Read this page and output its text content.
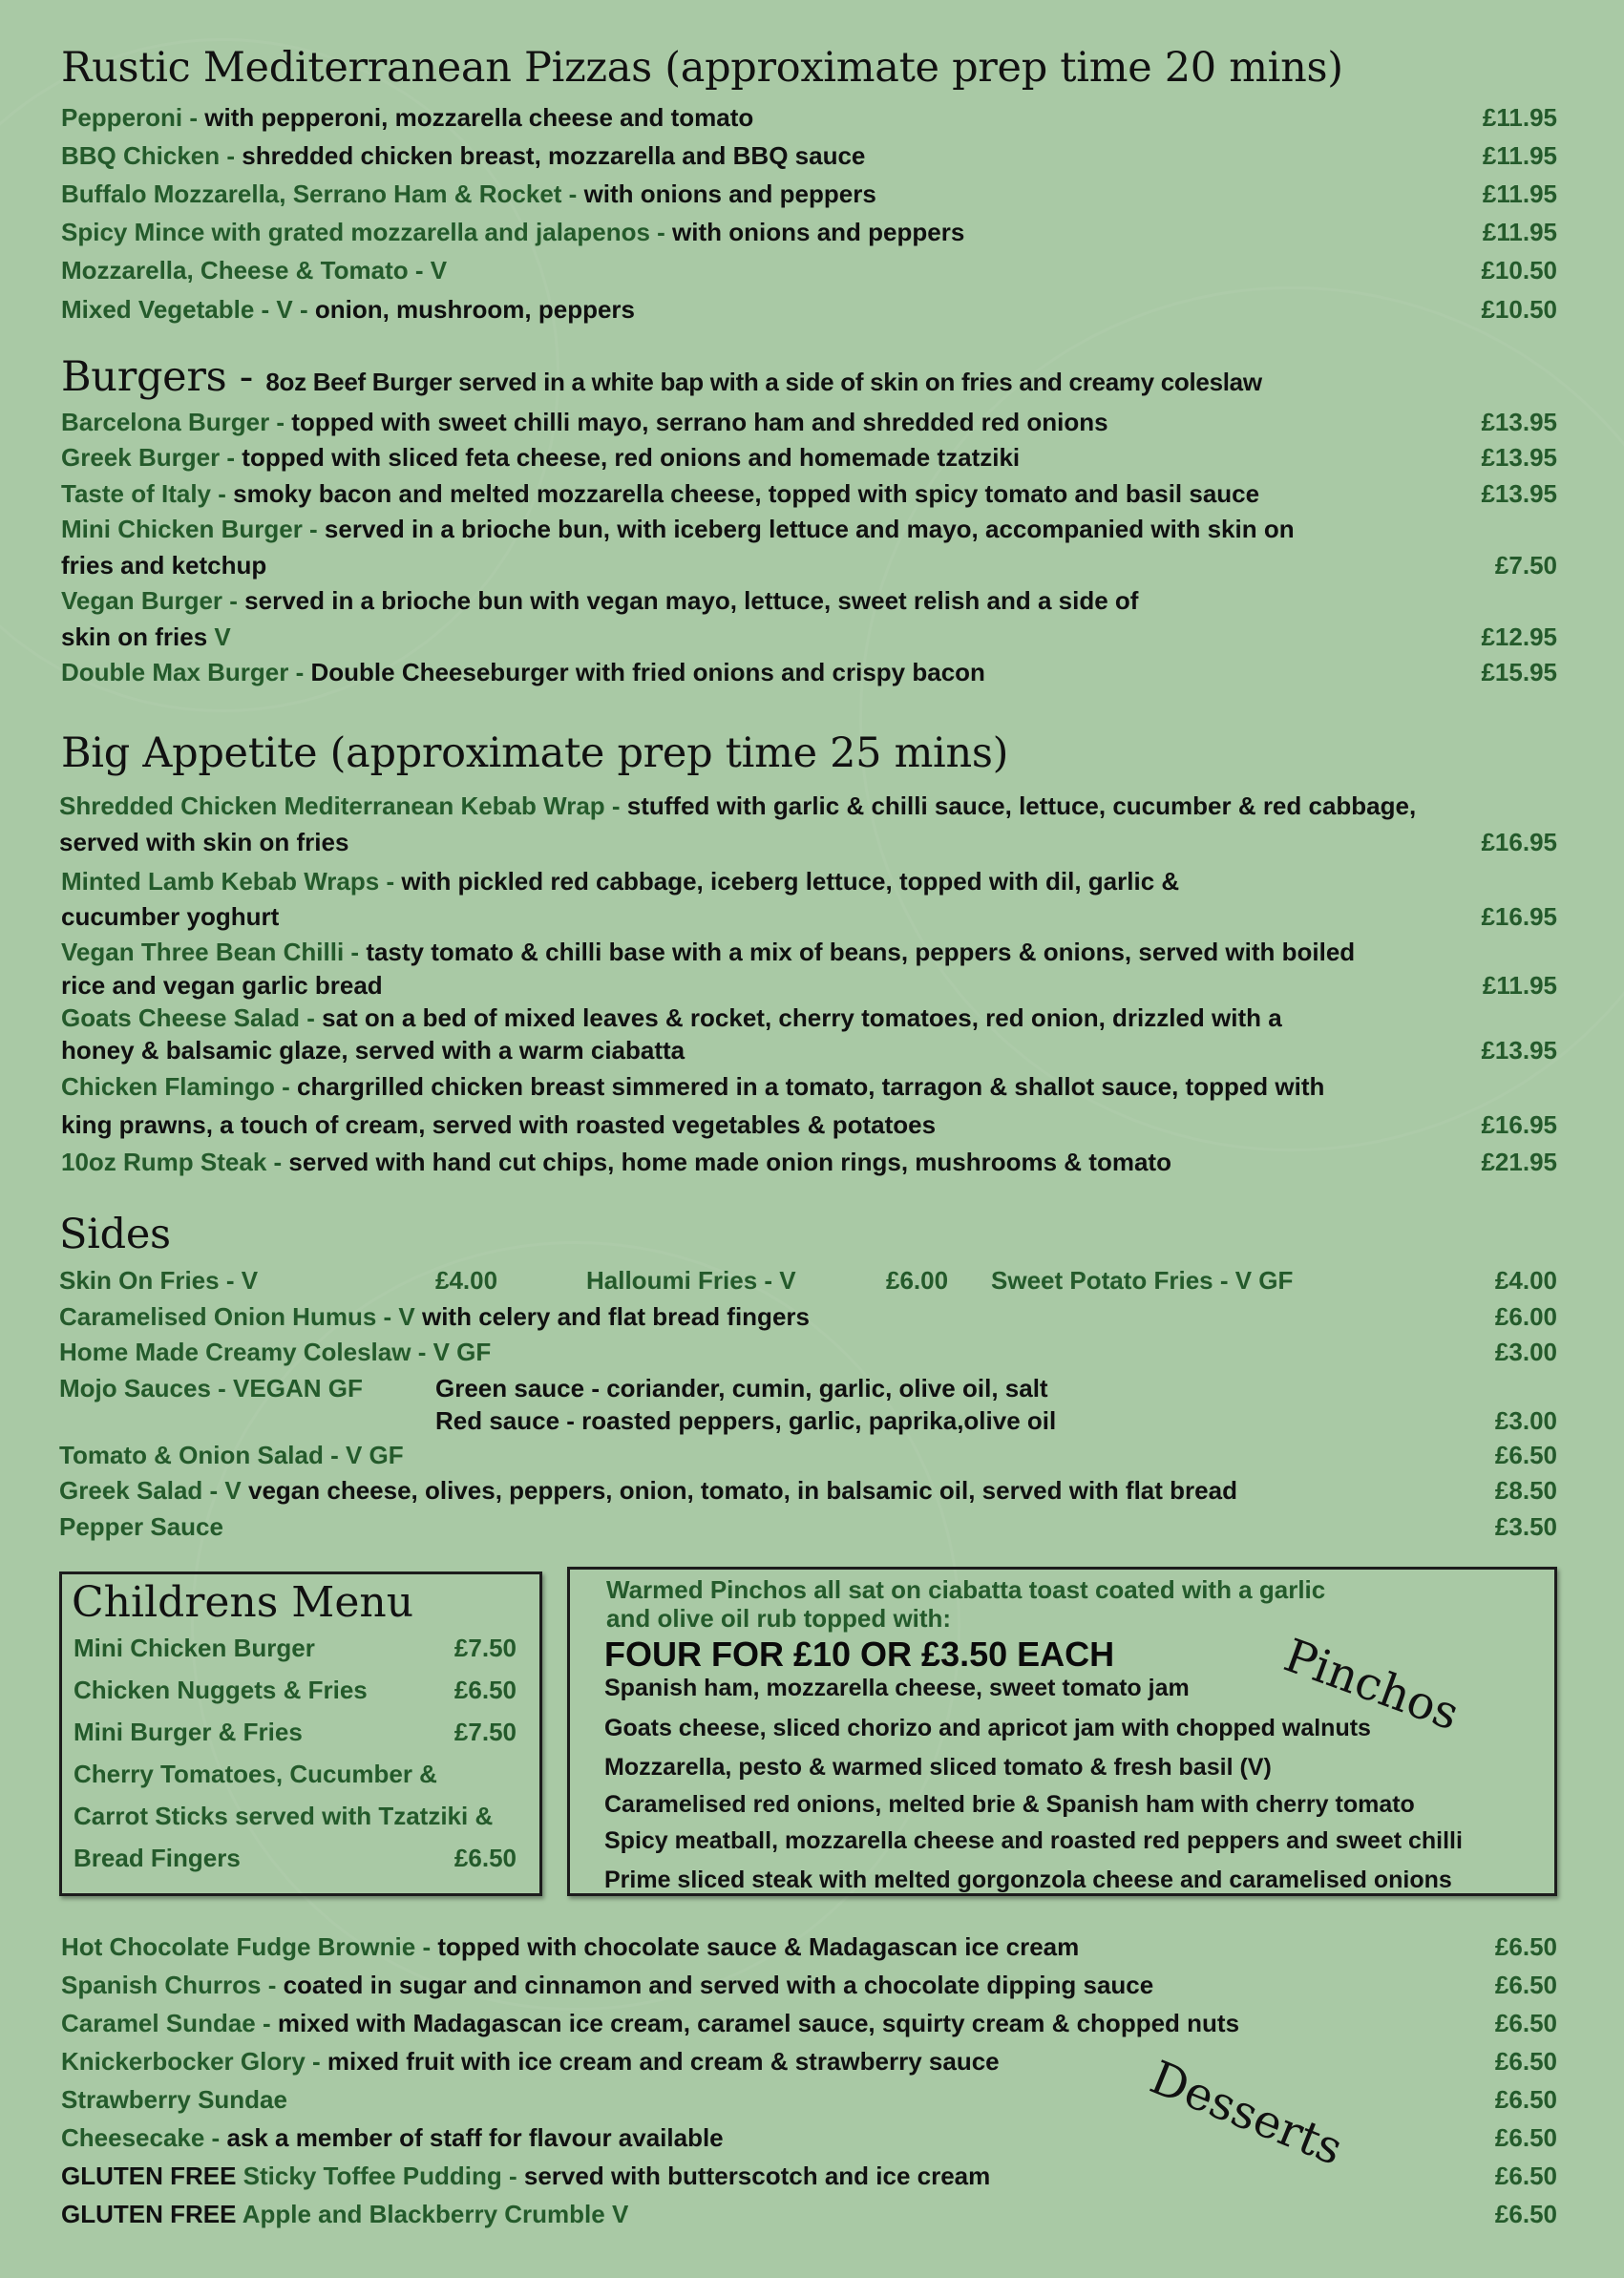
Rustic Mediterranean Pizzas (approximate prep time 20 mins)
Pepperoni - with pepperoni, mozzarella cheese and tomato	£11.95
BBQ Chicken - shredded chicken breast, mozzarella and BBQ sauce	£11.95
Buffalo Mozzarella, Serrano Ham & Rocket - with onions and peppers	£11.95
Spicy Mince with grated mozzarella and jalapenos - with onions and peppers	£11.95
Mozzarella, Cheese & Tomato - V	£10.50
Mixed Vegetable - V - onion, mushroom, peppers	£10.50
Burgers - 8oz Beef Burger served in a white bap with a side of skin on fries and creamy coleslaw
Barcelona Burger - topped with sweet chilli mayo, serrano ham and shredded red onions	£13.95
Greek Burger - topped with sliced feta cheese, red onions and homemade tzatziki	£13.95
Taste of Italy - smoky bacon and melted mozzarella cheese, topped with spicy tomato and basil sauce	£13.95
Mini Chicken Burger - served in a brioche bun, with iceberg lettuce and mayo, accompanied with skin on
fries and ketchup	£7.50
Vegan Burger - served in a brioche bun with vegan mayo, lettuce, sweet relish and a side of
skin on fries V	£12.95
Double Max Burger - Double Cheeseburger with fried onions and crispy bacon	£15.95
Big Appetite (approximate prep time 25 mins)
Shredded Chicken Mediterranean Kebab Wrap - stuffed with garlic & chilli sauce, lettuce, cucumber & red cabbage,
served with skin on fries	£16.95
Minted Lamb Kebab Wraps - with pickled red cabbage, iceberg lettuce, topped with dil, garlic &
cucumber yoghurt	£16.95
Vegan Three Bean Chilli - tasty tomato & chilli base with a mix of beans, peppers & onions, served with boiled
rice and vegan garlic bread	£11.95
Goats Cheese Salad - sat on a bed of mixed leaves & rocket, cherry tomatoes, red onion, drizzled with a
honey & balsamic glaze, served with a warm ciabatta	£13.95
Chicken Flamingo - chargrilled chicken breast simmered in a tomato, tarragon & shallot sauce, topped with
king prawns, a touch of cream, served with roasted vegetables & potatoes	£16.95
10oz Rump Steak - served with hand cut chips, home made onion rings, mushrooms & tomato	£21.95
Sides
Skin On Fries - V	£4.00	Halloumi Fries - V	£6.00 Sweet Potato Fries - V GF	£4.00
Caramelised Onion Humus - V with celery and flat bread fingers	£6.00
Home Made Creamy Coleslaw - V GF	£3.00
Mojo Sauces - VEGAN GF	Green sauce - coriander, cumin, garlic, olive oil, salt
Red sauce - roasted peppers, garlic, paprika,olive oil	£3.00
Tomato & Onion Salad - V GF	£6.50
Greek Salad - V vegan cheese, olives, peppers, onion, tomato, in balsamic oil, served with flat bread	£8.50
Pepper Sauce	£3.50
Childrens Menu
Mini Chicken Burger	£7.50
Chicken Nuggets & Fries	£6.50
Mini Burger & Fries	£7.50
Cherry Tomatoes, Cucumber &
Carrot Sticks served with Tzatziki &
Bread Fingers	£6.50
Warmed Pinchos all sat on ciabatta toast coated with a garlic
and olive oil rub topped with:
FOUR FOR £10 OR £3.50 EACH	Pinchos
Spanish ham, mozzarella cheese, sweet tomato jam
Goats cheese, sliced chorizo and apricot jam with chopped walnuts
Mozzarella, pesto & warmed sliced tomato & fresh basil (V)
Caramelised red onions, melted brie & Spanish ham with cherry tomato
Spicy meatball, mozzarella cheese and roasted red peppers and sweet chilli
Prime sliced steak with melted gorgonzola cheese and caramelised onions
Desserts
Hot Chocolate Fudge Brownie - topped with chocolate sauce & Madagascan ice cream	£6.50
Spanish Churros - coated in sugar and cinnamon and served with a chocolate dipping sauce	£6.50
Caramel Sundae - mixed with Madagascan ice cream, caramel sauce, squirty cream & chopped nuts	£6.50
Knickerbocker Glory - mixed fruit with ice cream and cream & strawberry sauce	£6.50
Strawberry Sundae	£6.50
Cheesecake - ask a member of staff for flavour available	£6.50
GLUTEN FREE Sticky Toffee Pudding - served with butterscotch and ice cream	£6.50
GLUTEN FREE Apple and Blackberry Crumble V	£6.50
